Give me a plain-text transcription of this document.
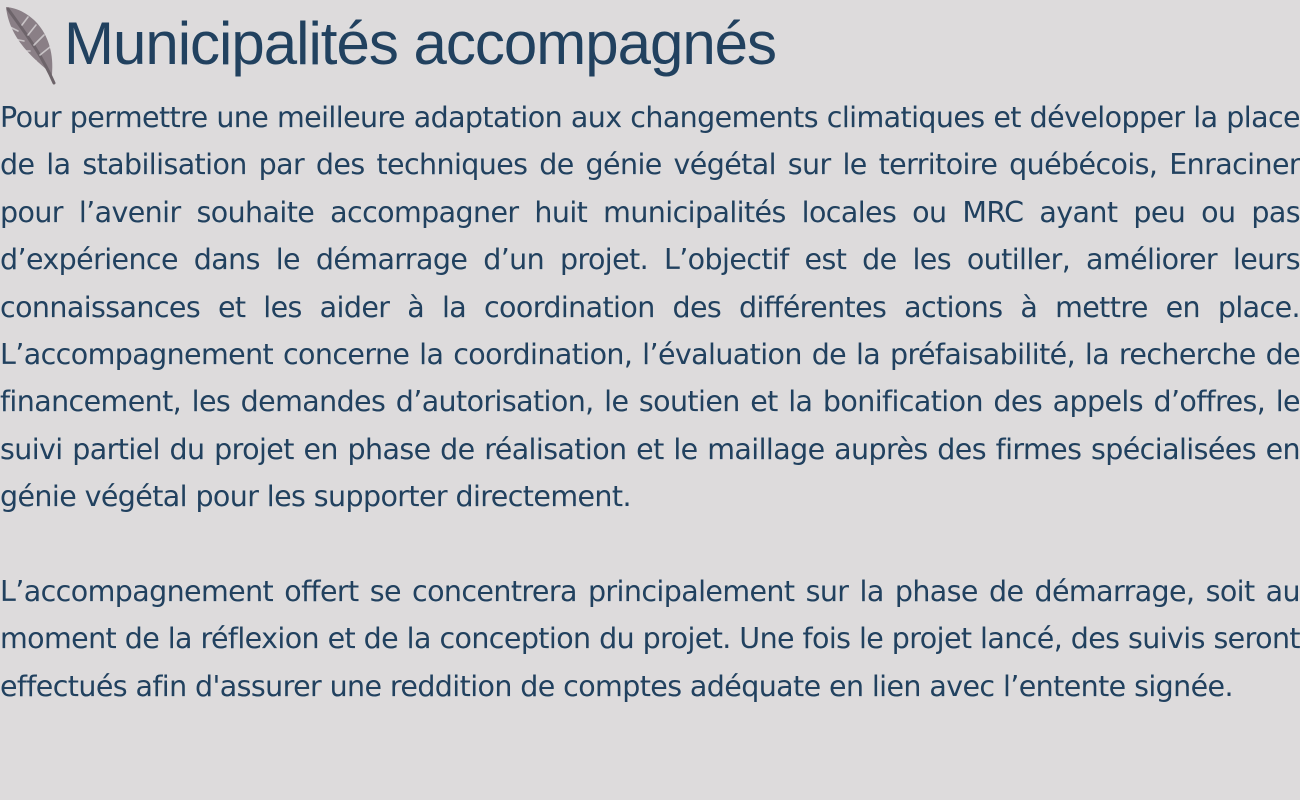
Municipalités accompagnés

Pour permettre une meilleure adaptation aux changements climatiques et développer la place de la stabilisation par des techniques de génie végétal sur le territoire québécois, Enraciner pour l’avenir souhaite accompagner huit municipalités locales ou MRC ayant peu ou pas d’expérience dans le démarrage d’un projet. L’objectif est de les outiller, améliorer leurs connaissances et les aider à la coordination des différentes actions à mettre en place. L’accompagnement concerne la coordination, l’évaluation de la préfaisabilité, la recherche de financement, les demandes d’autorisation, le soutien et la bonification des appels d’offres, le suivi partiel du projet en phase de réalisation et le maillage auprès des firmes spécialisées en génie végétal pour les supporter directement.

L’accompagnement offert se concentrera principalement sur la phase de démarrage, soit au moment de la réflexion et de la conception du projet. Une fois le projet lancé, des suivis seront effectués afin d'assurer une reddition de comptes adéquate en lien avec l’entente signée.
